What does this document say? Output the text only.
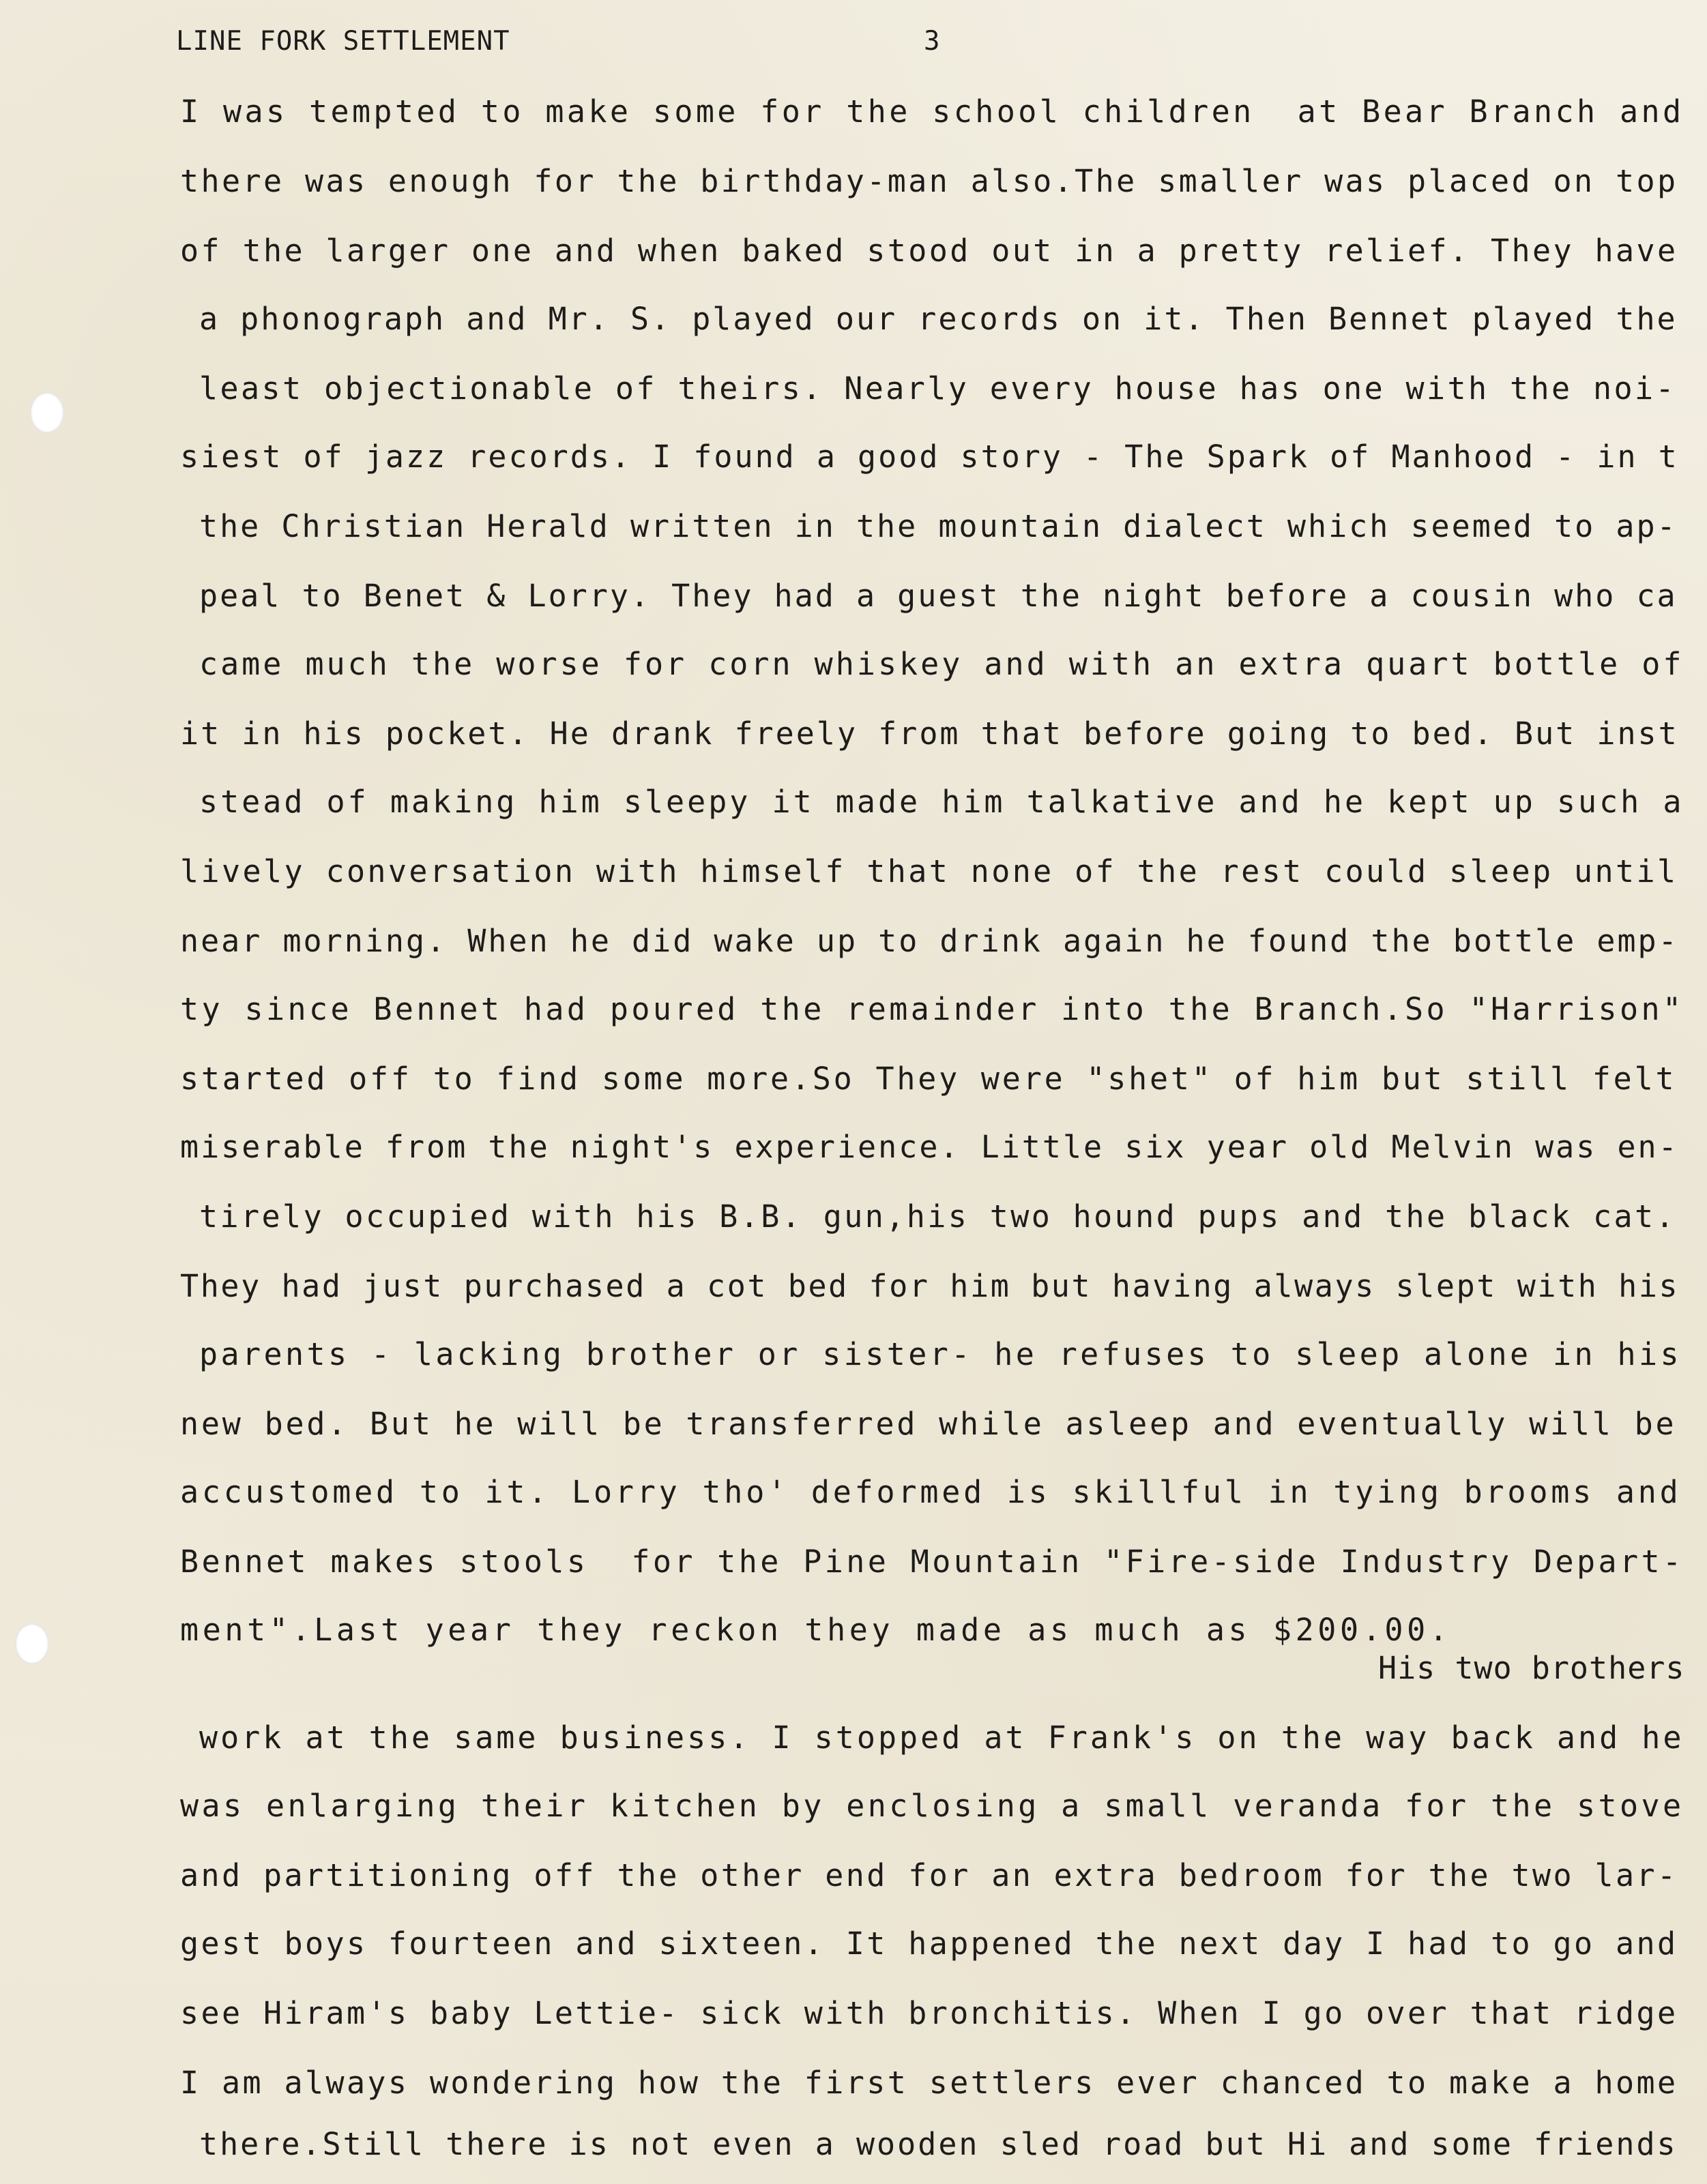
LINE FORK SETTLEMENT	3
I was tempted to make some for the school children  at Bear Branch and
there was enough for the birthday-man also.The smaller was placed on top
of the larger one and when baked stood out in a pretty relief. They have
a phonograph and Mr. S. played our records on it. Then Bennet played the
least objectionable of theirs. Nearly every house has one with the noi-
siest of jazz records. I found a good story - The Spark of Manhood - in t
the Christian Herald written in the mountain dialect which seemed to ap-
peal to Benet & Lorry. They had a guest the night before a cousin who ca
came much the worse for corn whiskey and with an extra quart bottle of
it in his pocket. He drank freely from that before going to bed. But inst
stead of making him sleepy it made him talkative and he kept up such a
lively conversation with himself that none of the rest could sleep until
near morning. When he did wake up to drink again he found the bottle emp-
ty since Bennet had poured the remainder into the Branch.So "Harrison"
started off to find some more.So They were "shet" of him but still felt
miserable from the night's experience. Little six year old Melvin was en-
tirely occupied with his B.B. gun,his two hound pups and the black cat.
They had just purchased a cot bed for him but having always slept with his
parents - lacking brother or sister- he refuses to sleep alone in his
new bed. But he will be transferred while asleep and eventually will be
accustomed to it. Lorry tho' deformed is skillful in tying brooms and
Bennet makes stools  for the Pine Mountain "Fire-side Industry Depart-
ment".Last year they reckon they made as much as $200.00.
His two brothers
work at the same business. I stopped at Frank's on the way back and he
was enlarging their kitchen by enclosing a small veranda for the stove
and partitioning off the other end for an extra bedroom for the two lar-
gest boys fourteen and sixteen. It happened the next day I had to go and
see Hiram's baby Lettie- sick with bronchitis. When I go over that ridge
I am always wondering how the first settlers ever chanced to make a home
there.Still there is not even a wooden sled road but Hi and some friends
